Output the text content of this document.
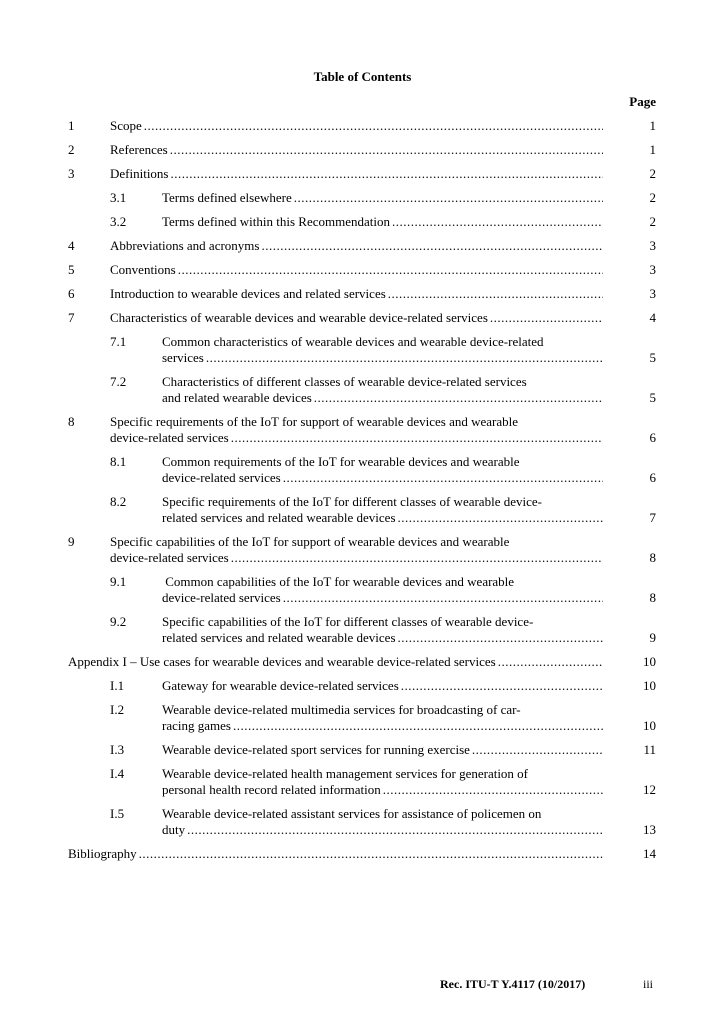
Table of Contents
Page
1	Scope .....	1
2	References .....	1
3	Definitions .....	2
3.1	Terms defined elsewhere .....	2
3.2	Terms defined within this Recommendation .....	2
4	Abbreviations and acronyms .....	3
5	Conventions .....	3
6	Introduction to wearable devices and related services .....	3
7	Characteristics of wearable devices and wearable device-related services .....	4
7.1	Common characteristics of wearable devices and wearable device-related
services .....	5
7.2	Characteristics of different classes of wearable device-related services
and related wearable devices .....	5
8	Specific requirements of the IoT for support of wearable devices and wearable
device-related services .....	6
8.1	Common requirements of the IoT for wearable devices and wearable
device-related services .....	6
8.2	Specific requirements of the IoT for different classes of wearable device-
related services and related wearable devices .....	7
9	Specific capabilities of the IoT for support of wearable devices and wearable
device-related services .....	8
9.1	Common capabilities of the IoT for wearable devices and wearable
device-related services .....	8
9.2	Specific capabilities of the IoT for different classes of wearable device-
related services and related wearable devices .....	9
Appendix I – Use cases for wearable devices and wearable device-related services .....	10
I.1	Gateway for wearable device-related services .....	10
I.2	Wearable device-related multimedia services for broadcasting of car-
racing games .....	10
I.3	Wearable device-related sport services for running exercise .....	11
I.4	Wearable device-related health management services for generation of
personal health record related information .....	12
I.5	Wearable device-related assistant services for assistance of policemen on
duty .....	13
Bibliography .....	14
Rec. ITU-T Y.4117 (10/2017)	iii
